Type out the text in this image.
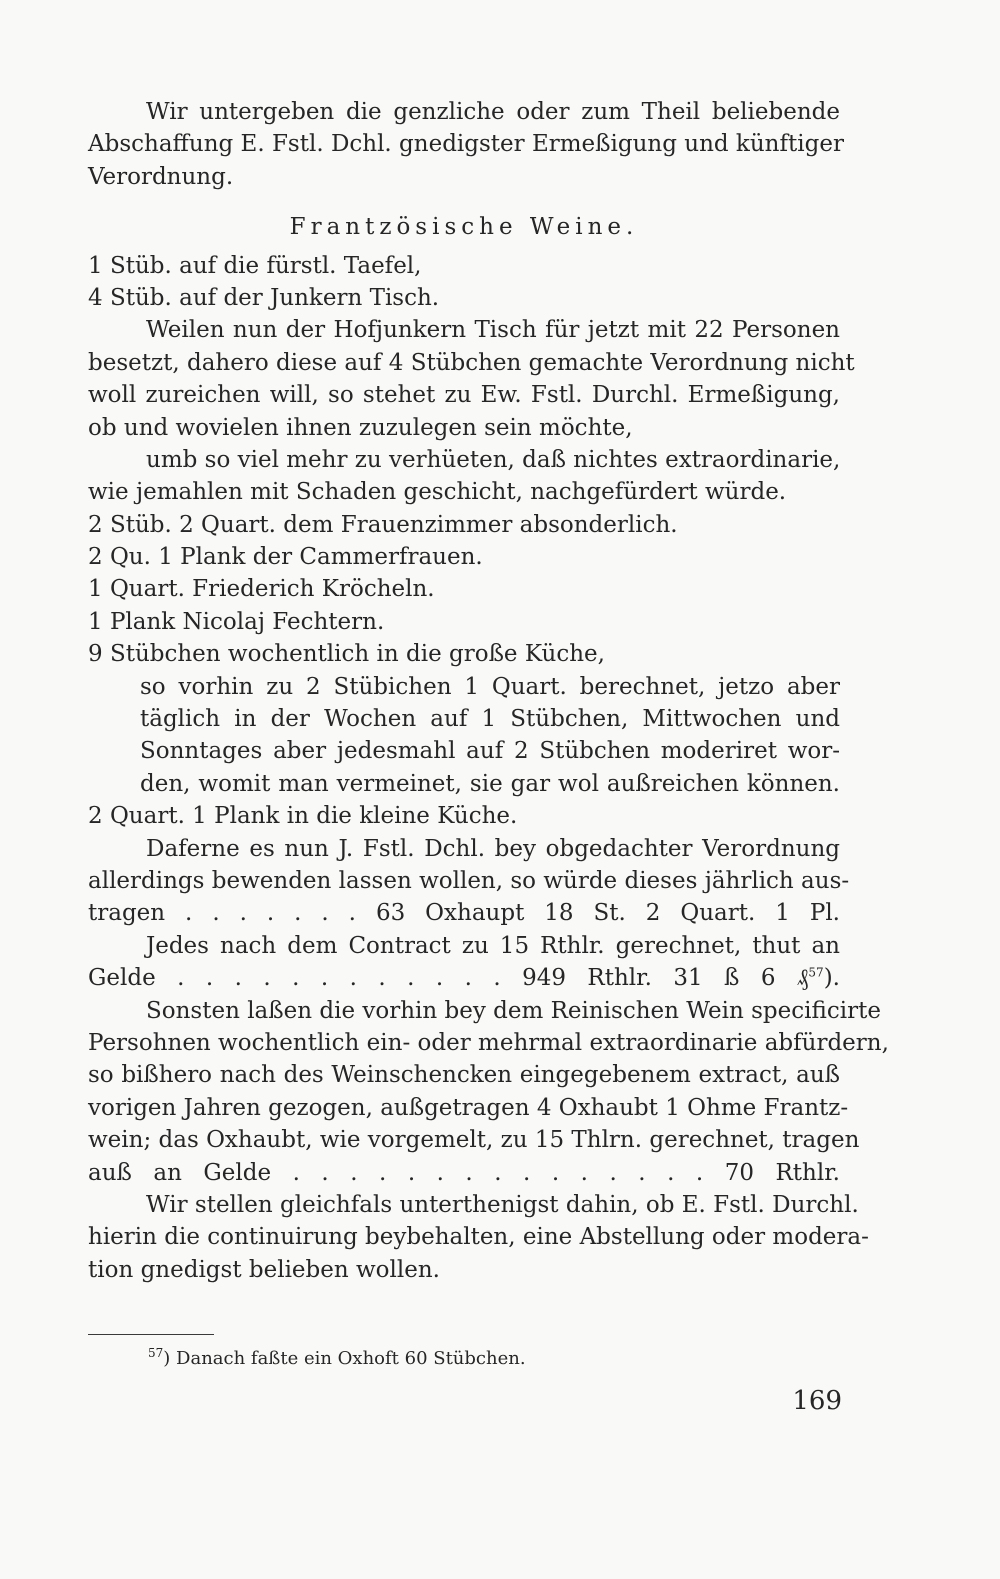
Wir untergeben die genzliche oder zum Theil beliebende
Abschaffung E. Fstl. Dchl. gnedigster Ermeßigung und künftiger
Verordnung.
Frantzösische Weine.
1 Stüb. auf die fürstl. Taefel,
4 Stüb. auf der Junkern Tisch.
Weilen nun der Hofjunkern Tisch für jetzt mit 22 Personen
besetzt, dahero diese auf 4 Stübchen gemachte Verordnung nicht
woll zureichen will, so stehet zu Ew. Fstl. Durchl. Ermeßigung,
ob und wovielen ihnen zuzulegen sein möchte,
umb so viel mehr zu verhüeten, daß nichtes extraordinarie,
wie jemahlen mit Schaden geschicht, nachgefürdert würde.
2 Stüb. 2 Quart. dem Frauenzimmer absonderlich.
2 Qu. 1 Plank der Cammerfrauen.
1 Quart. Friederich Kröcheln.
1 Plank Nicolaj Fechtern.
9 Stübchen wochentlich in die große Küche,
so vorhin zu 2 Stübichen 1 Quart. berechnet, jetzo aber
täglich in der Wochen auf 1 Stübchen, Mittwochen und
Sonntages aber jedesmahl auf 2 Stübchen moderiret wor-
den, womit man vermeinet, sie gar wol außreichen können.
2 Quart. 1 Plank in die kleine Küche.
Daferne es nun J. Fstl. Dchl. bey obgedachter Verordnung
allerdings bewenden lassen wollen, so würde dieses jährlich aus-
tragen . . . . . . . 63 Oxhaupt 18 St. 2 Quart. 1 Pl.
Jedes nach dem Contract zu 15 Rthlr. gerechnet, thut an
Gelde . . . . . . . . . . . . 949 Rthlr. 31 ß 6 ₰$^{57}$).
Sonsten laßen die vorhin bey dem Reinischen Wein specificirte
Persohnen wochentlich ein- oder mehrmal extraordinarie abfürdern,
so bißhero nach des Weinschencken eingegebenem extract, auß
vorigen Jahren gezogen, außgetragen 4 Oxhaubt 1 Ohme Frantz-
wein; das Oxhaubt, wie vorgemelt, zu 15 Thlrn. gerechnet, tragen
auß an Gelde . . . . . . . . . . . . . . . 70 Rthlr.
Wir stellen gleichfals unterthenigst dahin, ob E. Fstl. Durchl.
hierin die continuirung beybehalten, eine Abstellung oder modera-
tion gnedigst belieben wollen.
$^{57}$) Danach faßte ein Oxhoft 60 Stübchen.
169
